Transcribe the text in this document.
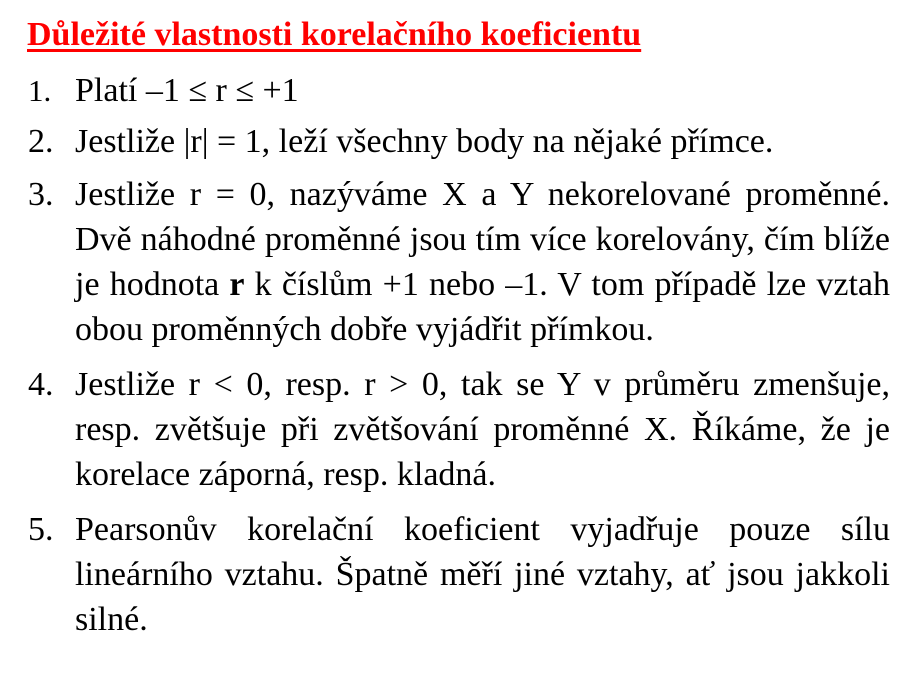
Důležité vlastnosti korelačního koeficientu
1. Platí –1 ≤ r ≤ +1
2. Jestliže |r| = 1, leží všechny body na nějaké přímce.
3. Jestliže r = 0, nazýváme X a Y nekorelované proměnné. Dvě náhodné proměnné jsou tím více korelovány, čím blíže je hodnota r k číslům +1 nebo –1. V tom případě lze vztah obou proměnných dobře vyjádřit přímkou.
4. Jestliže r < 0, resp. r > 0, tak se Y v průměru zmenšuje, resp. zvětšuje při zvětšování proměnné X. Říkáme, že je korelace záporná, resp. kladná.
5. Pearsonův korelační koeficient vyjadřuje pouze sílu lineárního vztahu. Špatně měří jiné vztahy, ať jsou jakkoli silné.
